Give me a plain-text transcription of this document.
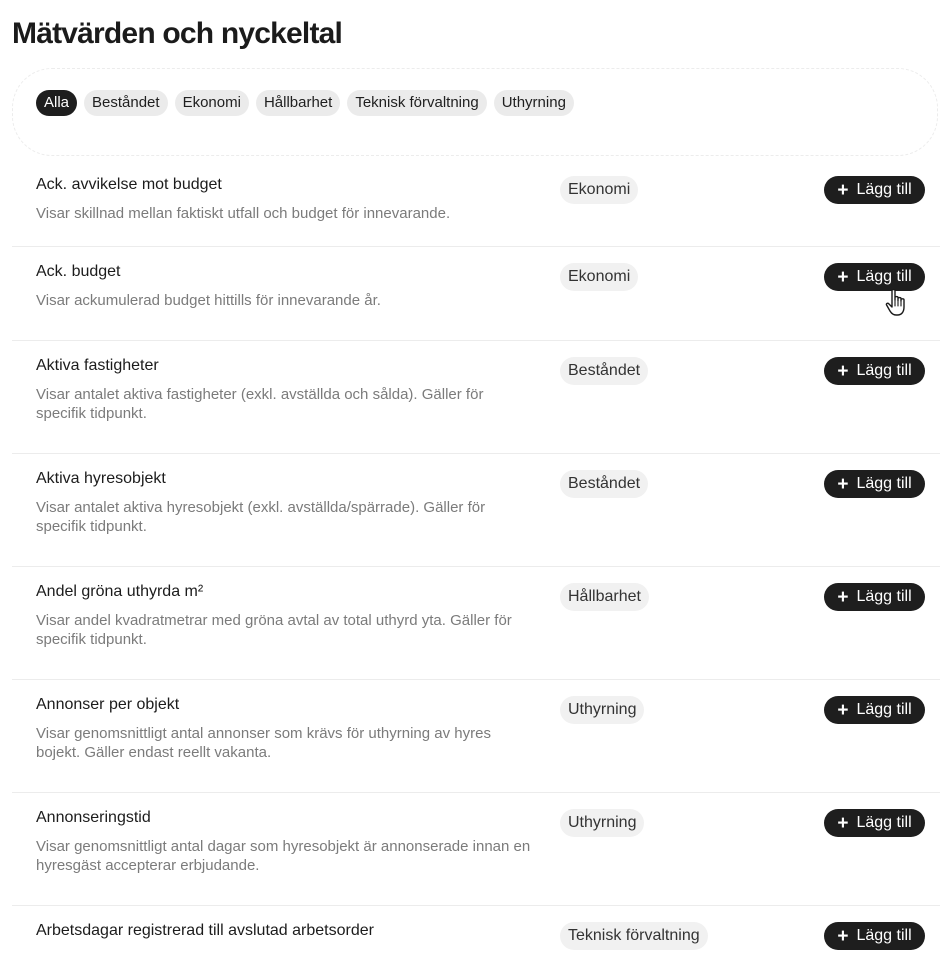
Mätvärden och nyckeltal
Alla	Beståndet	Ekonomi	Hållbarhet	Teknisk förvaltning	Uthyrning
Ack. avvikelse mot budget
Visar skillnad mellan faktiskt utfall och budget för innevarande.
Ekonomi	+ Lägg till
Ack. budget
Visar ackumulerad budget hittills för innevarande år.
Ekonomi	+ Lägg till
Aktiva fastigheter
Visar antalet aktiva fastigheter (exkl. avställda och sålda). Gäller för specifik tidpunkt.
Beståndet	+ Lägg till
Aktiva hyresobjekt
Visar antalet aktiva hyresobjekt (exkl. avställda/spärrade). Gäller för specifik tidpunkt.
Beståndet	+ Lägg till
Andel gröna uthyrda m²
Visar andel kvadratmetrar med gröna avtal av total uthyrd yta. Gäller för specifik tidpunkt.
Hållbarhet	+ Lägg till
Annonser per objekt
Visar genomsnittligt antal annonser som krävs för uthyrning av hyres bojekt. Gäller endast reellt vakanta.
Uthyrning	+ Lägg till
Annonseringstid
Visar genomsnittligt antal dagar som hyresobjekt är annonserade innan en hyresgäst accepterar erbjudande.
Uthyrning	+ Lägg till
Arbetsdagar registrerad till avslutad arbetsorder	Teknisk förvaltning	+ Lägg till
